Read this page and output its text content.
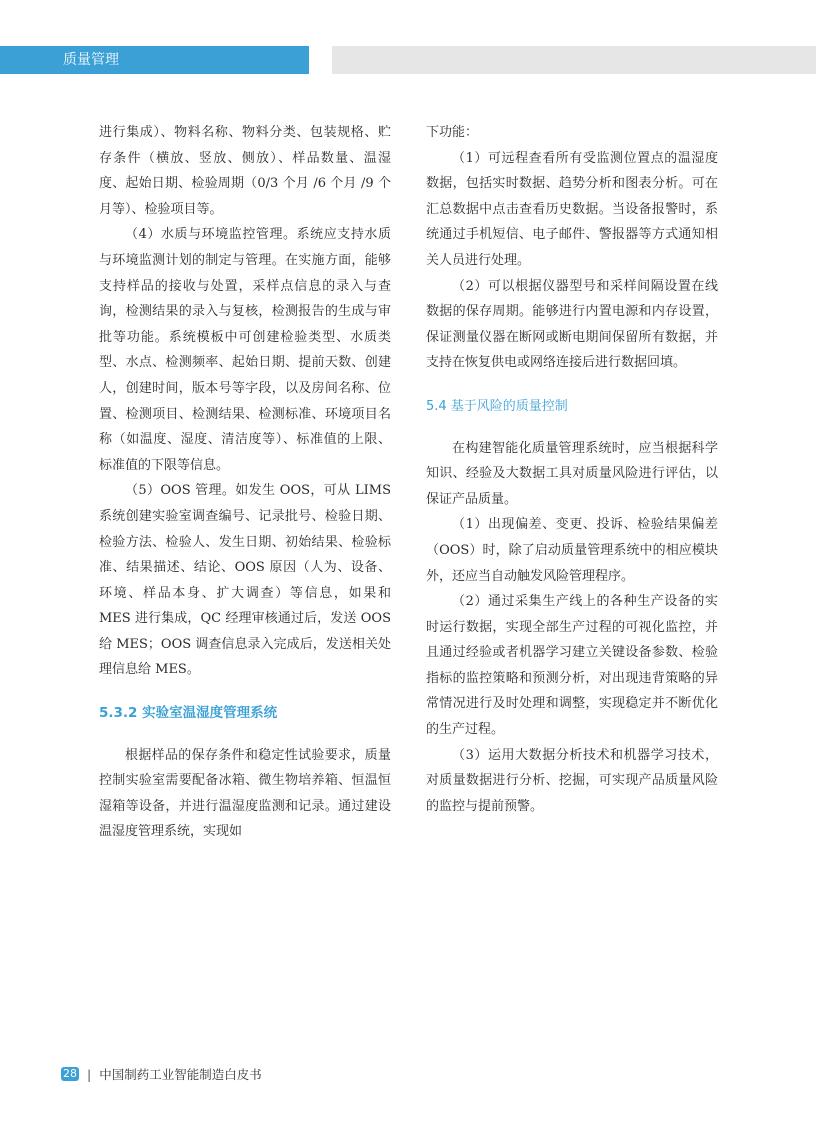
质量管理

进行集成）、物料名称、物料分类、包装规格、贮存条件（横放、竖放、侧放）、样品数量、温湿度、起始日期、检验周期（0/3 个月 /6 个月 /9 个月等）、检验项目等。

（4）水质与环境监控管理。系统应支持水质与环境监测计划的制定与管理。在实施方面，能够支持样品的接收与处置，采样点信息的录入与查询，检测结果的录入与复核，检测报告的生成与审批等功能。系统模板中可创建检验类型、水质类型、水点、检测频率、起始日期、提前天数、创建人，创建时间，版本号等字段，以及房间名称、位置、检测项目、检测结果、检测标准、环境项目名称（如温度、湿度、清洁度等）、标准值的上限、标准值的下限等信息。

（5）OOS 管理。如发生 OOS，可从 LIMS 系统创建实验室调查编号、记录批号、检验日期、检验方法、检验人、发生日期、初始结果、检验标准、结果描述、结论、OOS 原因（人为、设备、环境、样品本身、扩大调查）等信息，如果和 MES 进行集成，QC 经理审核通过后，发送 OOS 给 MES；OOS 调查信息录入完成后，发送相关处理信息给 MES。

5.3.2 实验室温湿度管理系统

根据样品的保存条件和稳定性试验要求，质量控制实验室需要配备冰箱、微生物培养箱、恒温恒湿箱等设备，并进行温湿度监测和记录。通过建设温湿度管理系统，实现如

下功能：

（1）可远程查看所有受监测位置点的温湿度数据，包括实时数据、趋势分析和图表分析。可在汇总数据中点击查看历史数据。当设备报警时，系统通过手机短信、电子邮件、警报器等方式通知相关人员进行处理。

（2）可以根据仪器型号和采样间隔设置在线数据的保存周期。能够进行内置电源和内存设置，保证测量仪器在断网或断电期间保留所有数据，并支持在恢复供电或网络连接后进行数据回填。

5.4 基于风险的质量控制

在构建智能化质量管理系统时，应当根据科学知识、经验及大数据工具对质量风险进行评估，以保证产品质量。

（1）出现偏差、变更、投诉、检验结果偏差（OOS）时，除了启动质量管理系统中的相应模块外，还应当自动触发风险管理程序。

（2）通过采集生产线上的各种生产设备的实时运行数据，实现全部生产过程的可视化监控，并且通过经验或者机器学习建立关键设备参数、检验指标的监控策略和预测分析，对出现违背策略的异常情况进行及时处理和调整，实现稳定并不断优化的生产过程。

（3）运用大数据分析技术和机器学习技术，对质量数据进行分析、挖掘，可实现产品质量风险的监控与提前预警。

28 | 中国制药工业智能制造白皮书
